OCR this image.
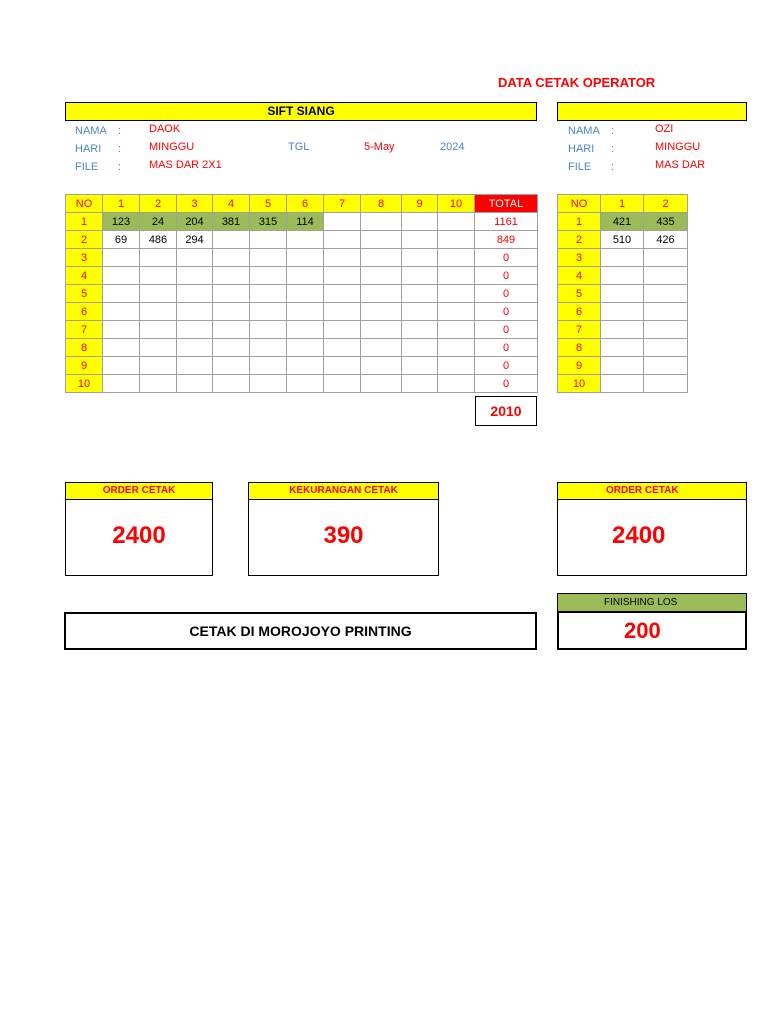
DATA CETAK OPERATOR
SIFT SIANG
NAMA :	DAOK
HARI :	MINGGU	TGL	5-May	2024
FILE :	MAS DAR 2X1
NO	1	2	3	4	5	6	7	8	9	10	TOTAL
1	123	24	204	381	315	114					1161
2	69	486	294								849
3											0
4											0
5											0
6											0
7											0
8											0
9											0
10											0
2010
ORDER CETAK
2400
KEKURANGAN CETAK
390
CETAK DI MOROJOYO PRINTING
NAMA :	OZI
HARI :	MINGGU
FILE :	MAS DAR
NO	1	2
1	421	435
2	510	426
3		
4		
5		
6		
7		
8		
9		
10		
ORDER CETAK
2400
FINISHING LOS
200
